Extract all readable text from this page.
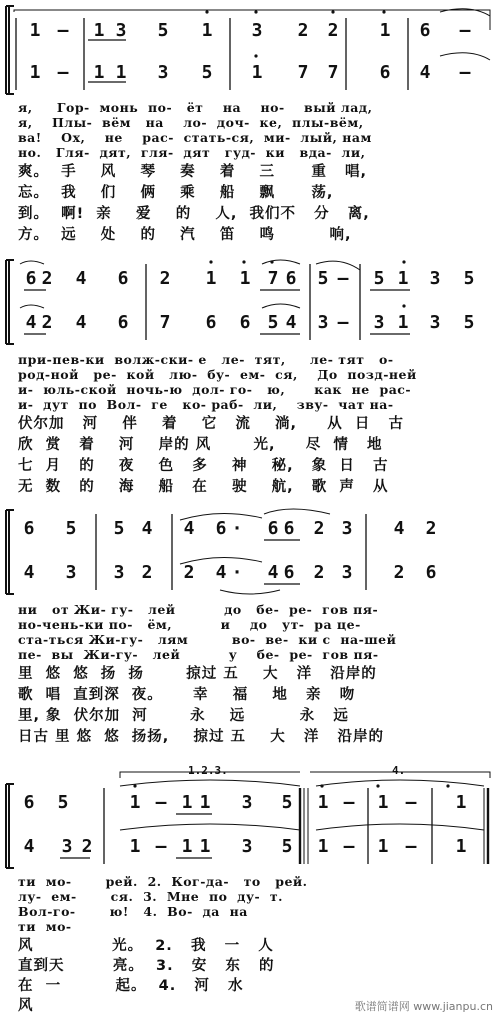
1 — 1 3 5 1 3 2 2 1 6 —
1 — 1 1 3 5 1 7 7 6 4 —
я,     Гор-  монь  по-   ёт    на    но-    вый лад,
я,    Плы-  вём   на    ло-  доч-  ке,  плы-вём,
ва!    Ох,    не    рас-  стать-ся,  ми-  лый, нам
но.   Гля-  дят,  гля-  дят   гуд-  ки   вда-  ли,
爽。  手    风    琴    奏    着    三      重   唱,
忘。  我    们    俩    乘    船    飘      荡,
到。  啊!  亲    爱    的    人,  我们不   分   离,
方。  远    处    的    汽    笛    鸣         响,
6 2 4 6 2 1 1 7 6 5 — 5 1 3 5
4 2 4 6 7 6 6 5 4 3 — 3 1 3 5
при-пев-ки  волж-ски- е   ле-  тят,     ле- тят   о-
род-ной   ре-  кой   лю-  бу-  ем-  ся,    До  позд-ней
и-  юль-ской  ночь-ю  дол- го-   ю,      как  не  рас-
и-  дут  по  Вол-  ге   ко- раб-  ли,    зву-  чат на-
伏尔加   河    伴    着    它   流    淌,     从  日   古
欣  赏   着    河    岸的 风       光,     尽  情   地
七  月   的    夜    色   多    神    秘,   象  日   古
无  数   的    海    船   在    驶    航,   歌  声   从
6 5 5 4 4 6 · 6 6 2 3 4 2
4 3 3 2 2 4 · 4 6 2 3 2 6
ни   от Жи- гу-   лей          до   бе-  ре-  гов пя-
но-чень-ки по-   ём,          и    до   ут-  ра це-
ста-ться Жи-гу-   лям         во-  ве-  ки с  на-шей
пе-  вы  Жи-гу-   лей          у    бе-  ре-  гов пя-
里  悠  悠  扬  扬       掠过 五    大   洋   沿岸的
歌  唱  直到深  夜。     幸    福    地   亲   吻
里, 象  伏尔加  河       永    远         永   远
日古 里 悠  悠  扬扬,    掠过 五    大   洋   沿岸的
1.2.3.	4.
6 5	1 — 1 1 3 5 1 — 1 — 1
4 3 2 1 — 1 1 3 5 1 — 1 — 1
ти  мо-       рей.  2.  Ког-да-   то   рей.
лу-  ем-       ся.  3.  Мне  по  ду-  т.
Вол-го-       ю!   4.  Во-  да  на
ти  мо-
风             光。  2.   我   一   人
直到天        亮。  3.   安   东   的
在  一         起。  4.   河   水
风	歌谱简谱网 www.jianpu.cn
